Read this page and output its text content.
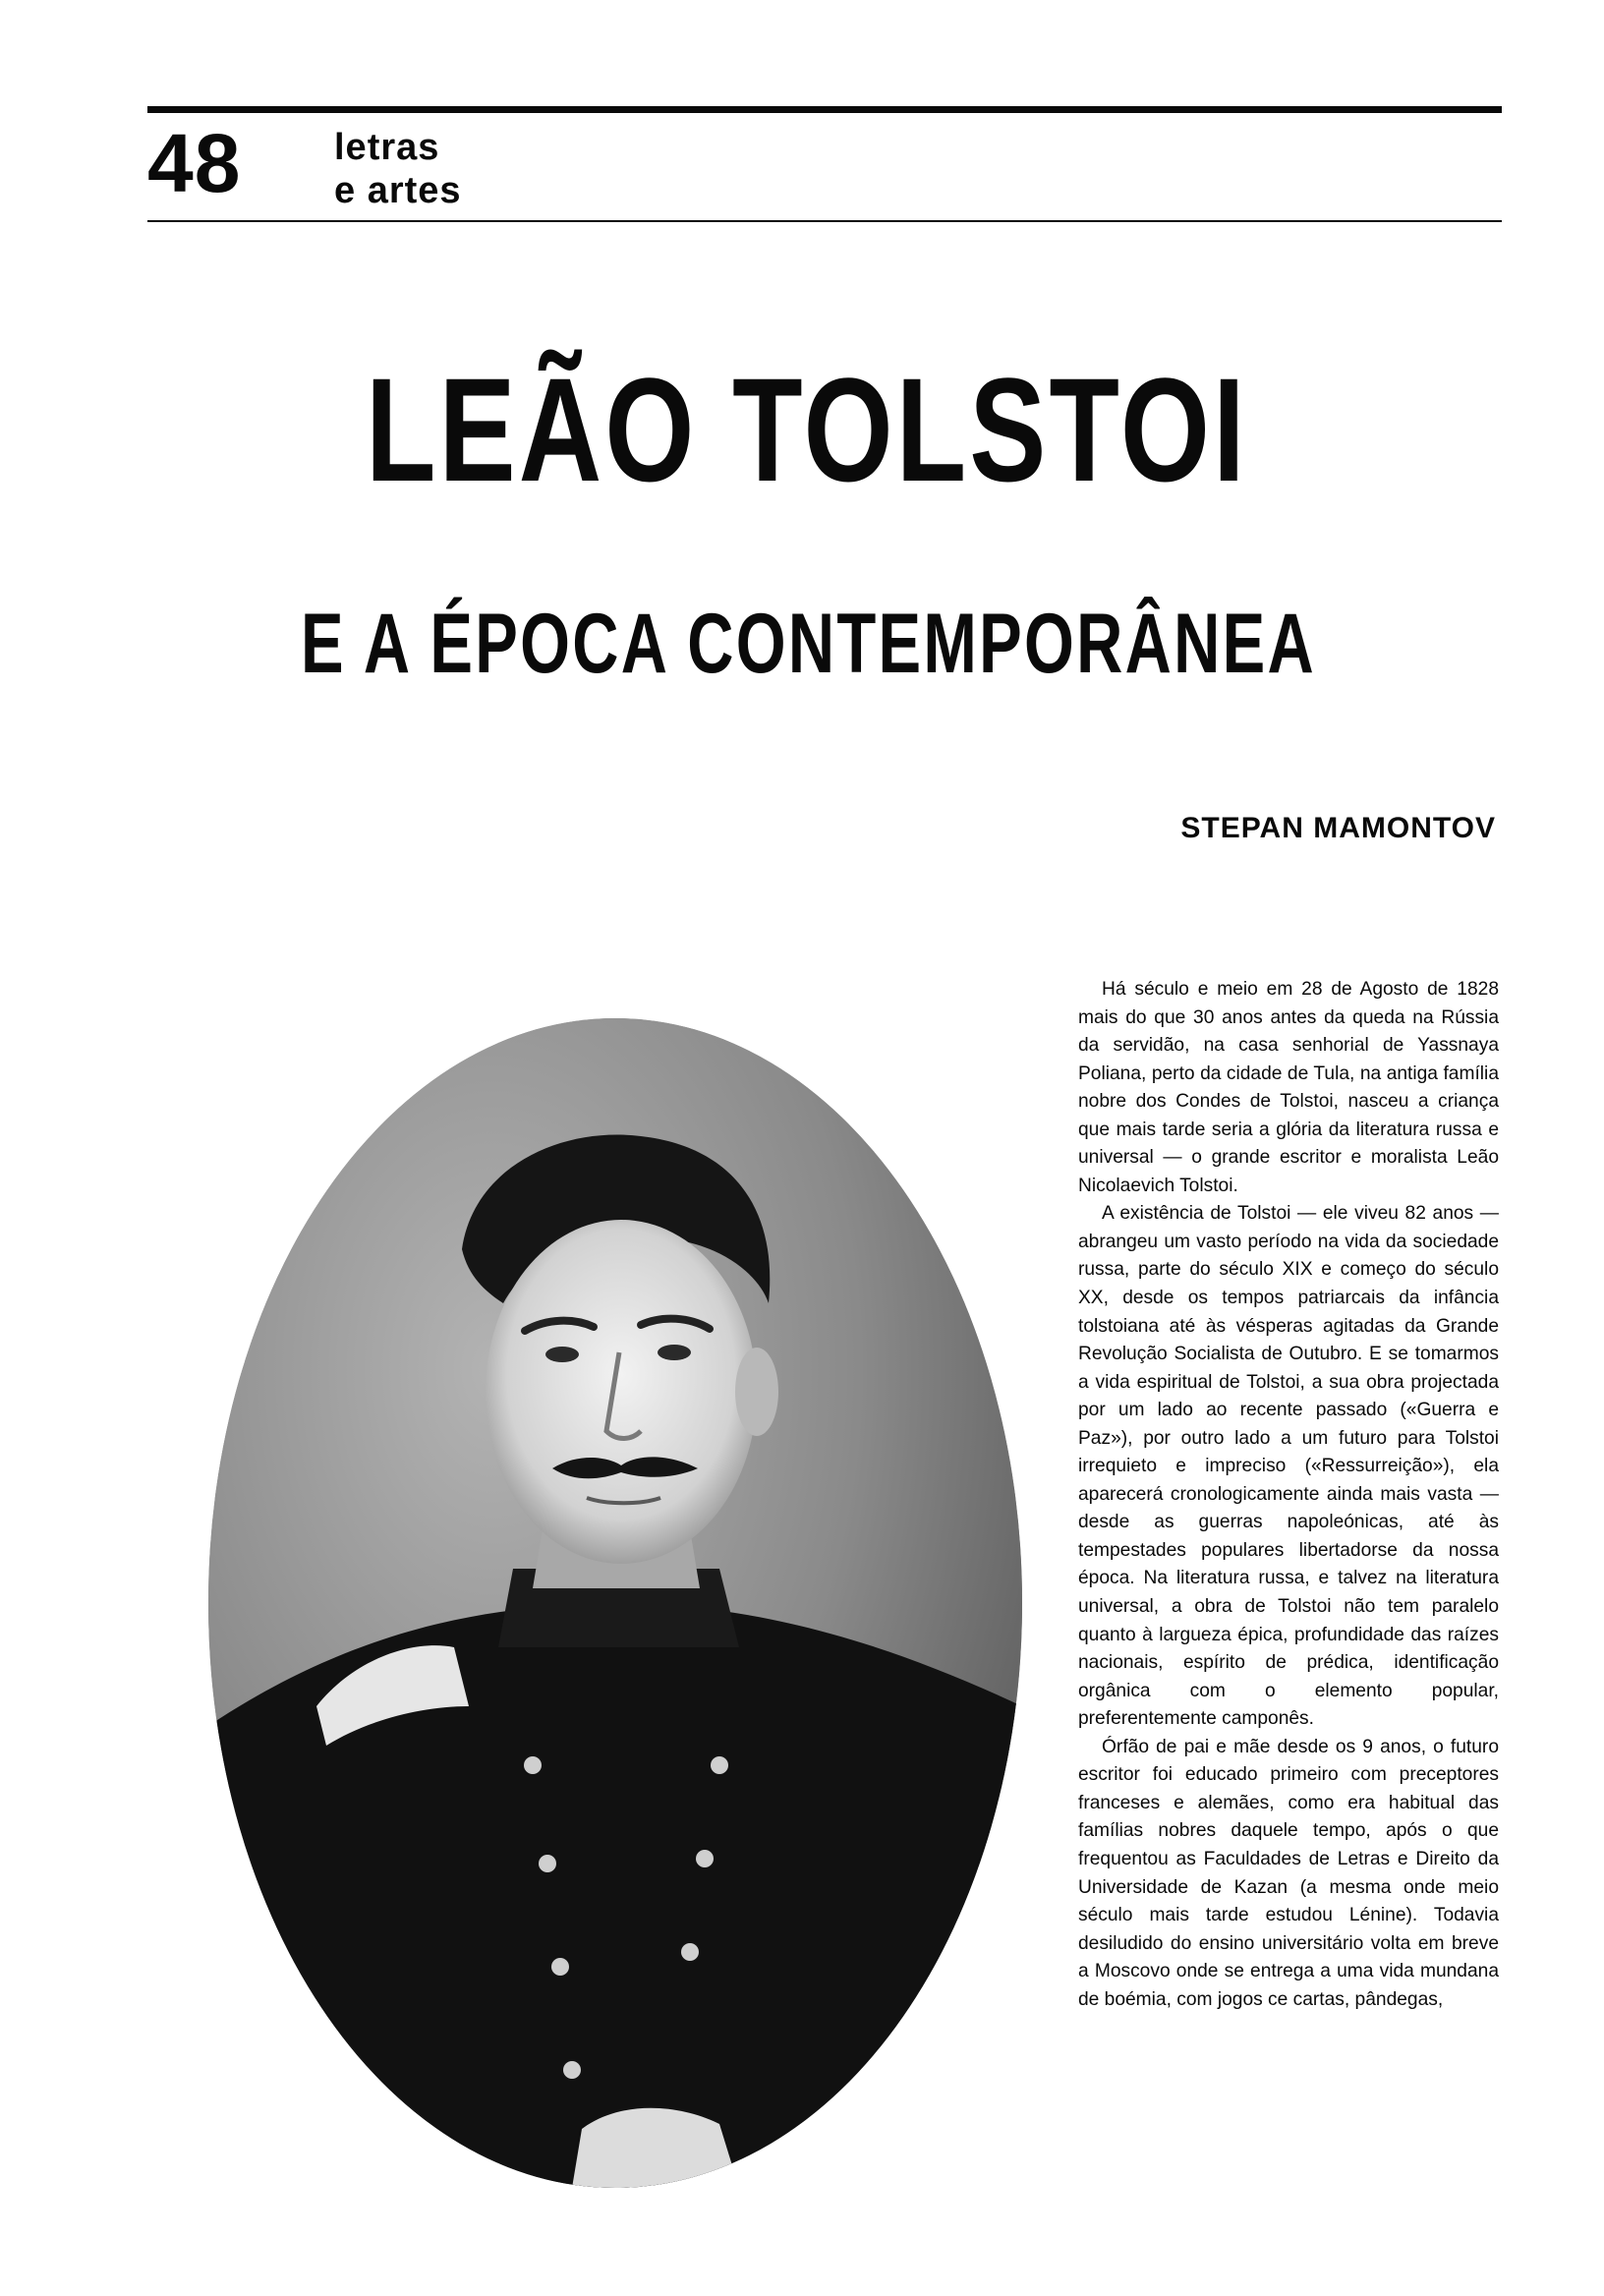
48 letras
e artes
LEÃO TOLSTOI
E A ÉPOCA CONTEMPORÂNEA
STEPAN MAMONTOV

Há século e meio em 28 de Agosto de 1828 mais do que 30 anos antes da queda na Rússia da servidão, na casa senhorial de Yassnaya Poliana, perto da cidade de Tula, na antiga família nobre dos Condes de Tolstoi, nasceu a criança que mais tarde seria a glória da literatura russa e universal — o grande escritor e moralista Leão Nicolaevich Tolstoi.

A existência de Tolstoi — ele viveu 82 anos — abrangeu um vasto período na vida da sociedade russa, parte do século XIX e começo do século XX, desde os tempos patriarcais da infância tolstoiana até às vésperas agitadas da Grande Revolução Socialista de Outubro. E se tomarmos a vida espiritual de Tolstoi, a sua obra projectada por um lado ao recente passado («Guerra e Paz»), por outro lado a um futuro para Tolstoi irrequieto e impreciso («Ressurreição»), ela aparecerá cronologicamente ainda mais vasta — desde as guerras napoleónicas, até às tempestades populares libertadorse da nossa época. Na literatura russa, e talvez na literatura universal, a obra de Tolstoi não tem paralelo quanto à largueza épica, profundidade das raízes nacionais, espírito de prédica, identificação orgânica com o elemento popular, preferentemente camponês.

Órfão de pai e mãe desde os 9 anos, o futuro escritor foi educado primeiro com preceptores franceses e alemães, como era habitual das famílias nobres daquele tempo, após o que frequentou as Faculdades de Letras e Direito da Universidade de Kazan (a mesma onde meio século mais tarde estudou Lénine). Todavia desiludido do ensino universitário volta em breve a Moscovo onde se entrega a uma vida mundana de boémia, com jogos ce cartas, pândegas,
